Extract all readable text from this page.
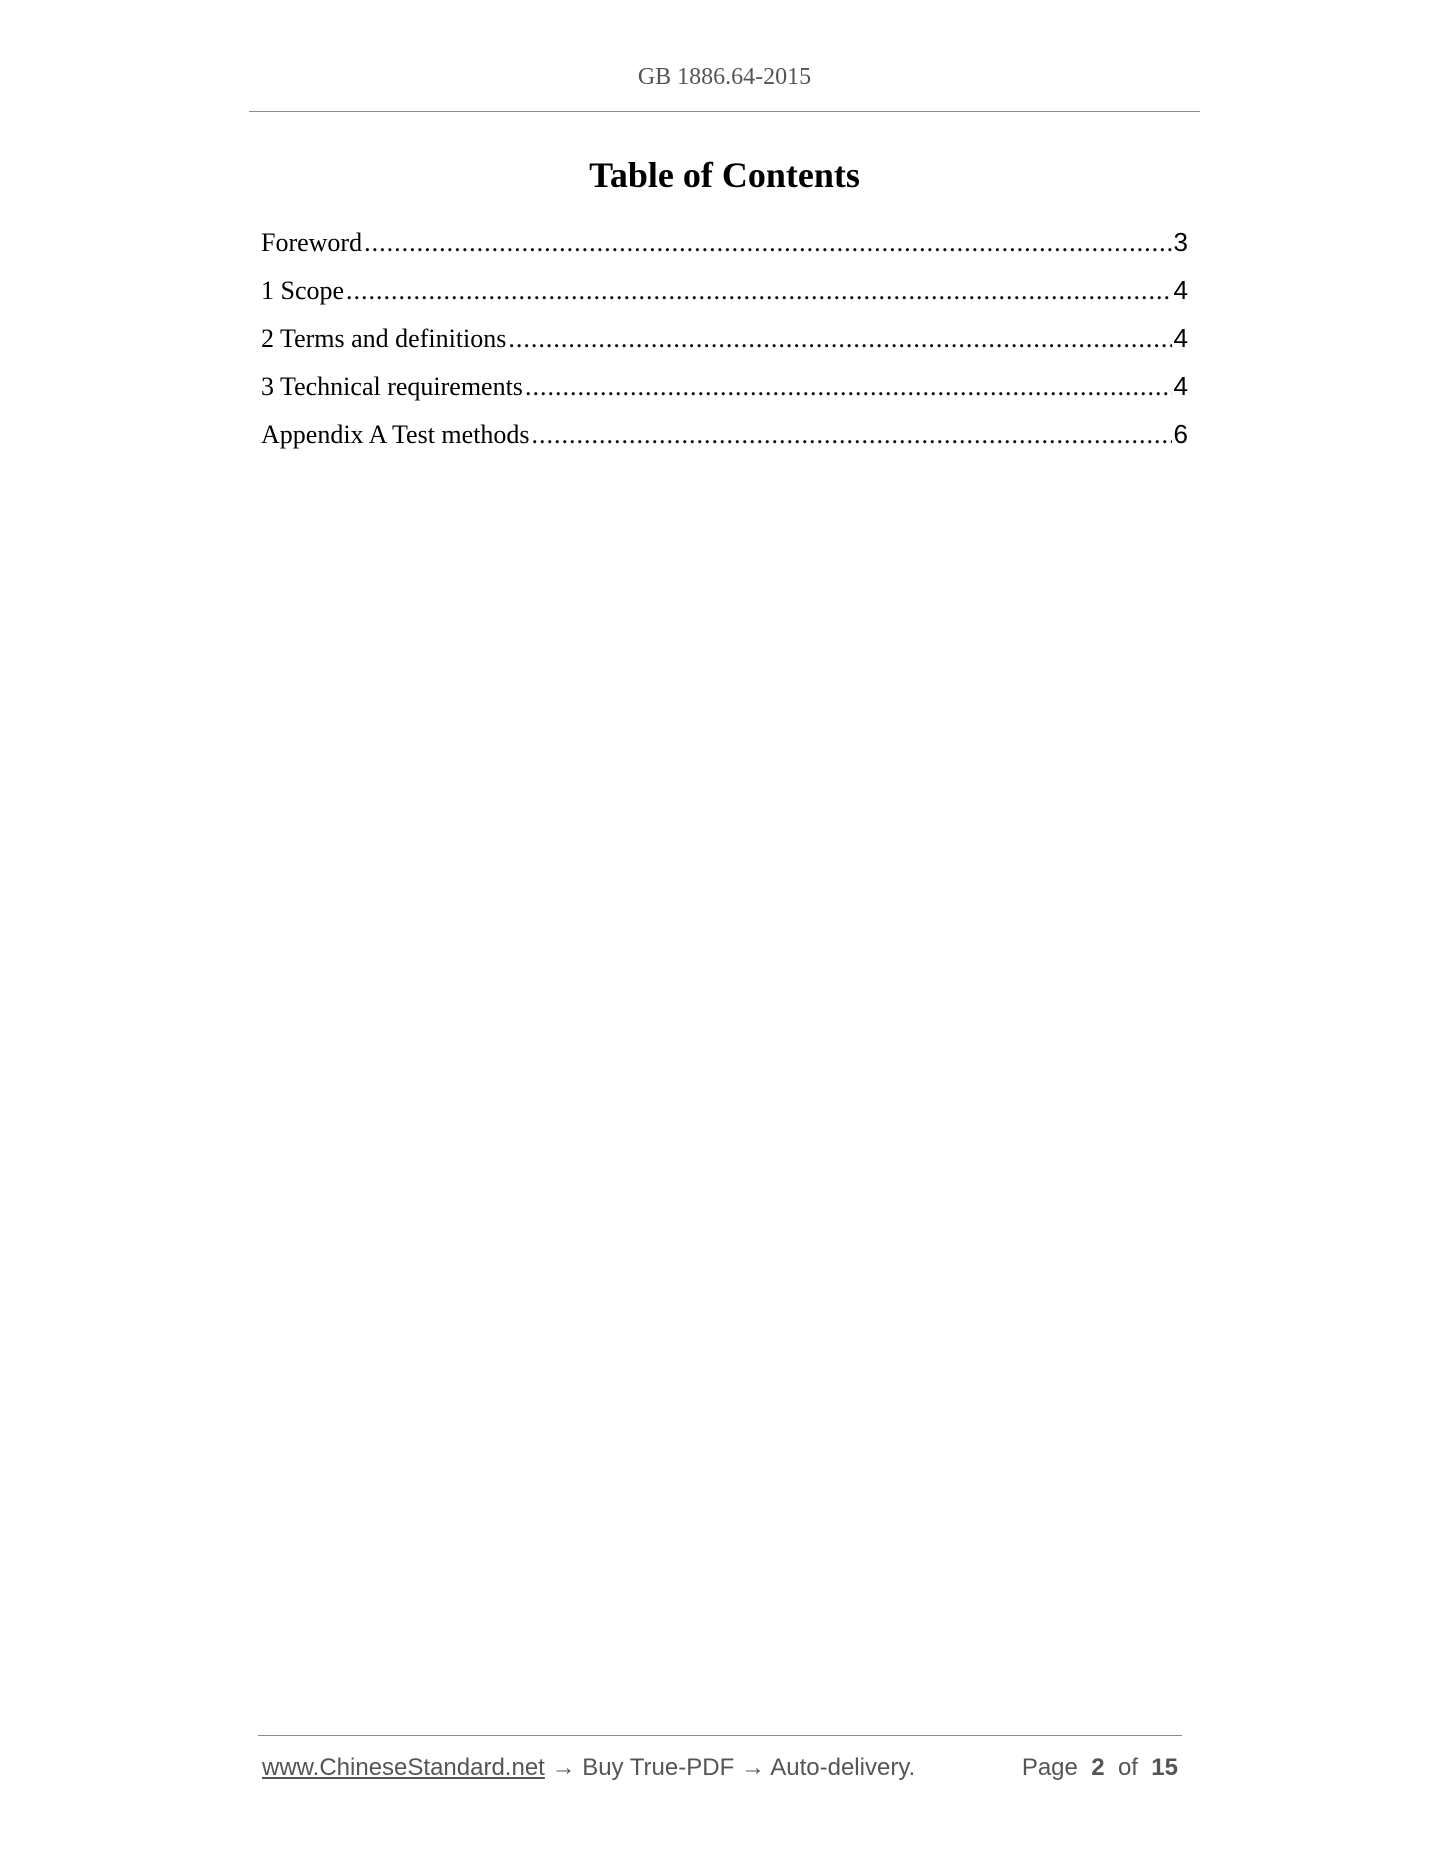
GB 1886.64-2015
Table of Contents
Foreword .....	3
1 Scope .....	4
2 Terms and definitions .....	4
3 Technical requirements .....	4
Appendix A Test methods .....	6
www.ChineseStandard.net → Buy True-PDF → Auto-delivery.	Page 2 of 15
